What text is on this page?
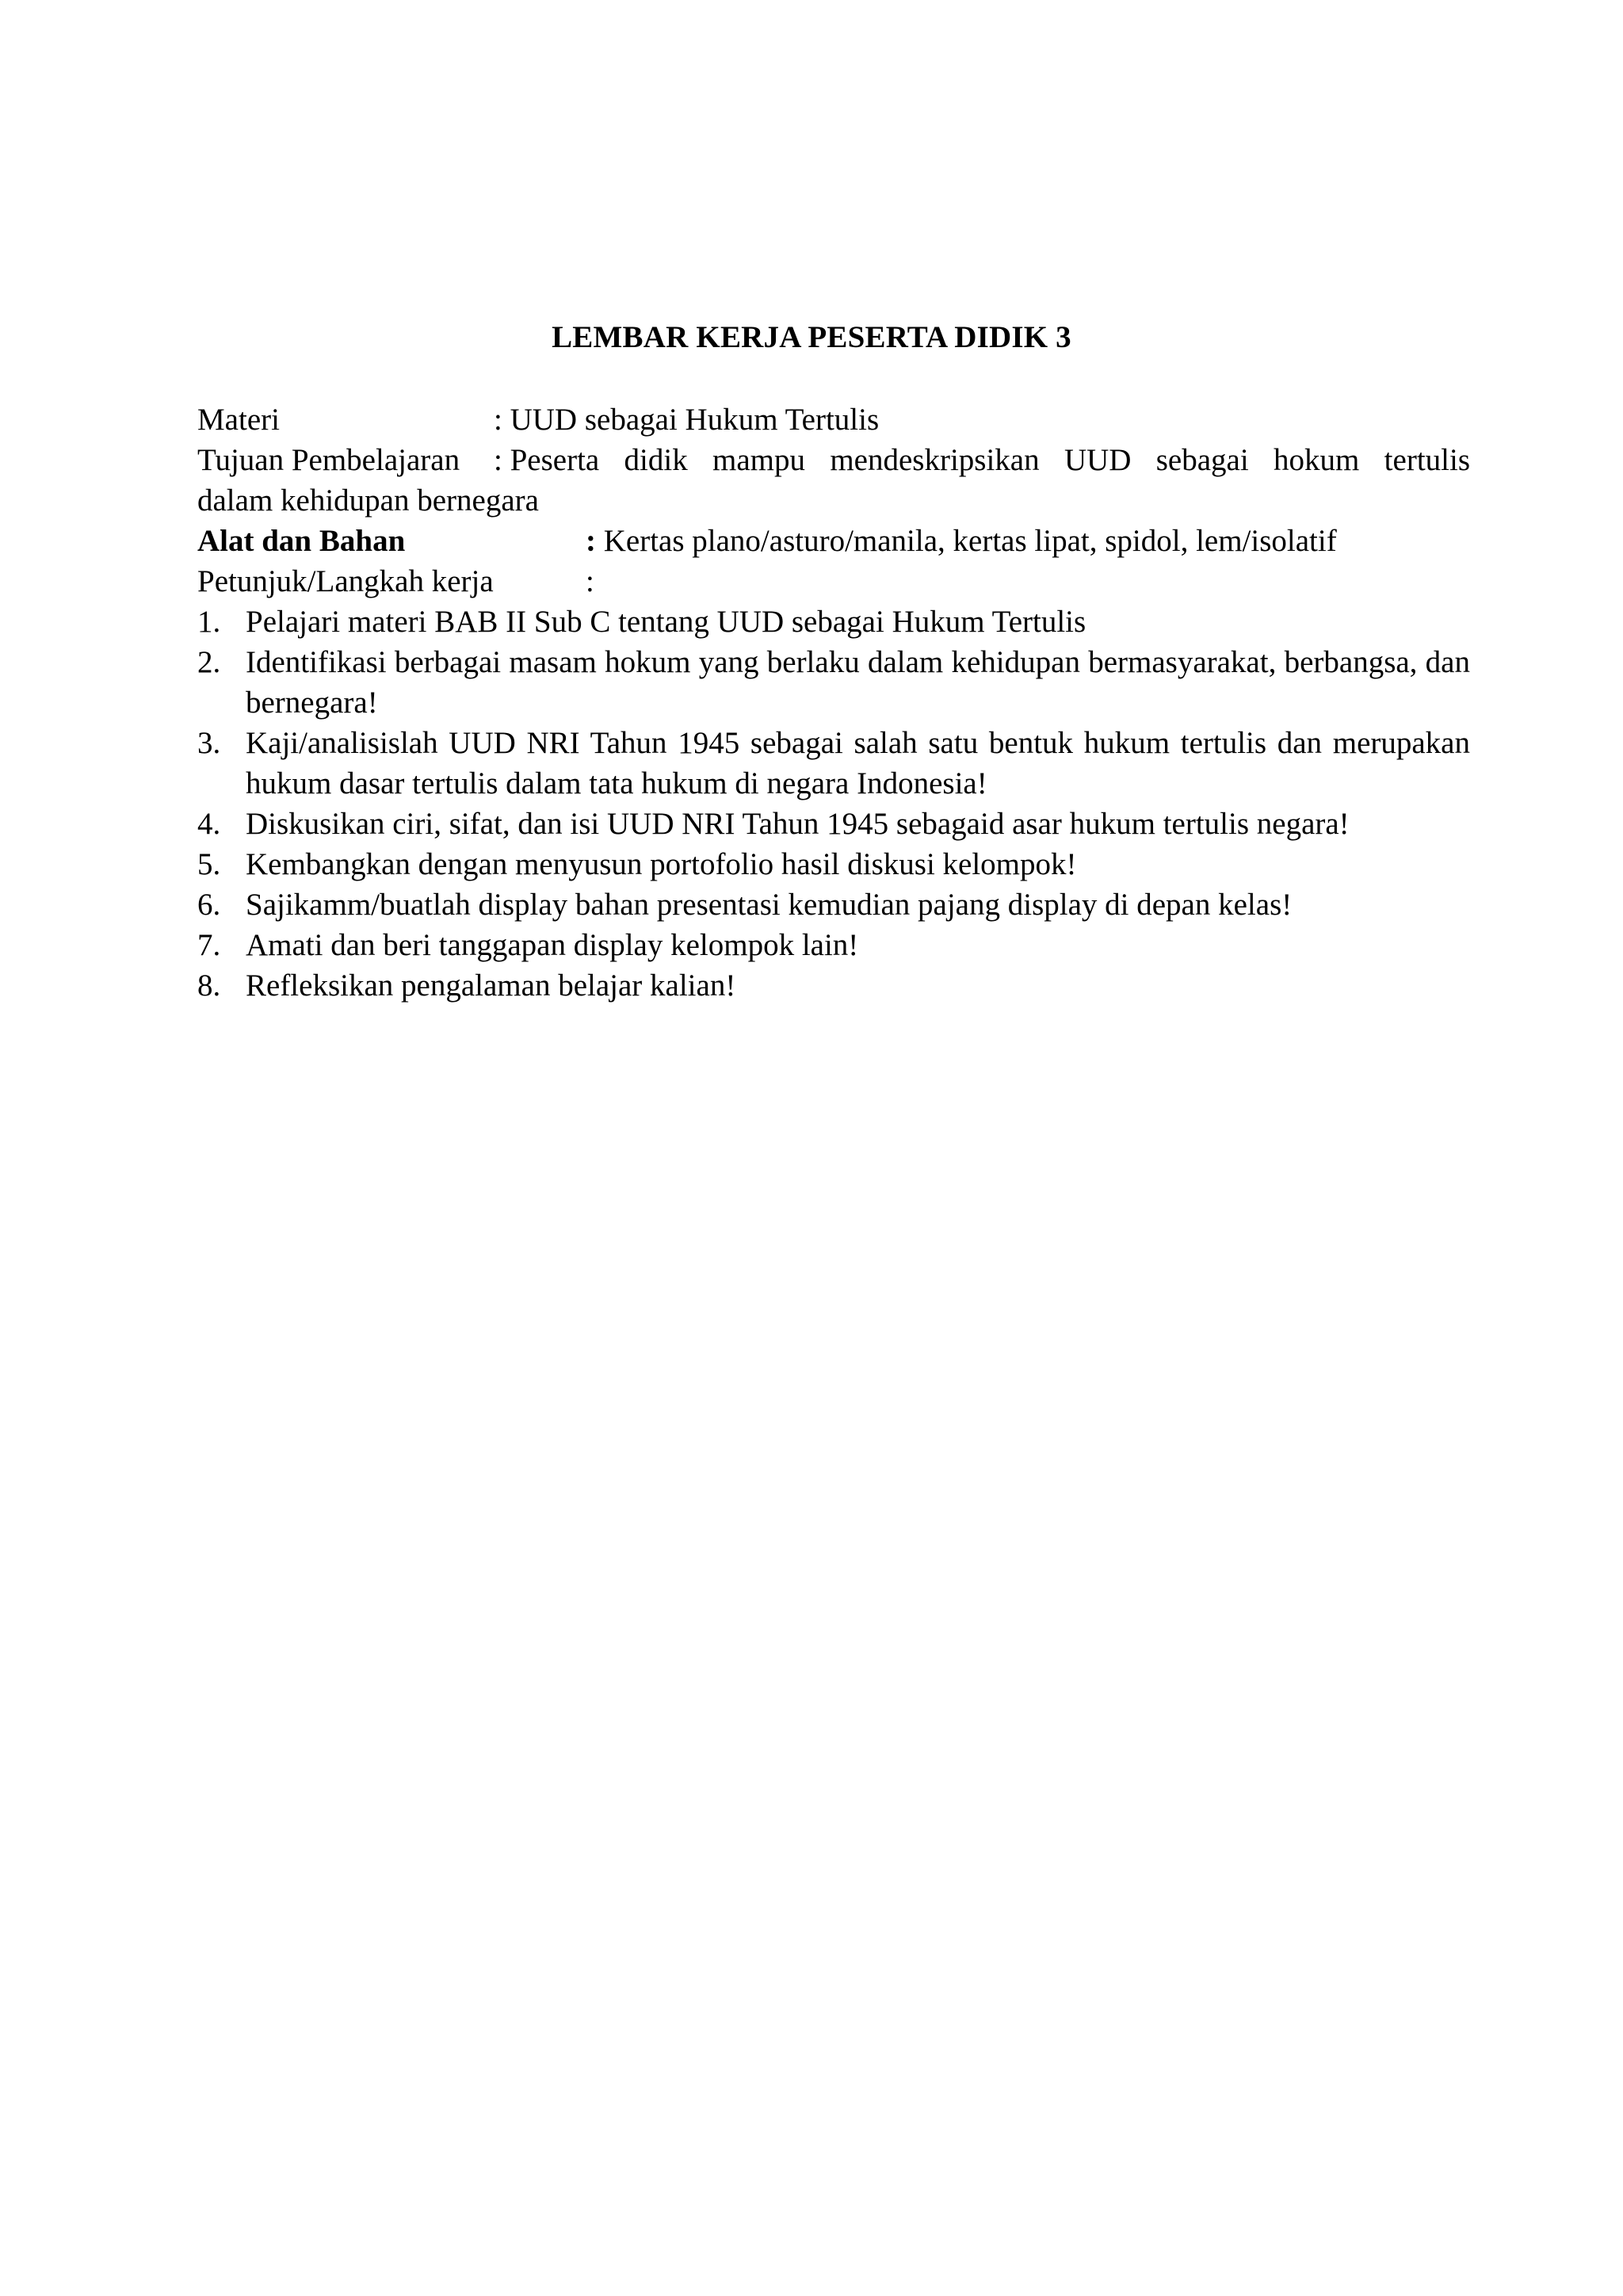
LEMBAR KERJA PESERTA DIDIK 3
Materi	:
UUD sebagai Hukum Tertulis
Tujuan Pembelajaran	:
Peserta didik mampu mendeskripsikan UUD sebagai hokum tertulis
dalam kehidupan bernegara
Alat dan Bahan	:
Kertas plano/asturo/manila, kertas lipat, spidol, lem/isolatif
Petunjuk/Langkah kerja	:
1. Pelajari materi BAB II Sub C tentang UUD sebagai Hukum Tertulis
2. Identifikasi berbagai masam hokum yang berlaku dalam kehidupan bermasyarakat, berbangsa, dan bernegara!
3. Kaji/analisislah UUD NRI Tahun 1945 sebagai salah satu bentuk hukum tertulis dan merupakan hukum dasar tertulis dalam tata hukum di negara Indonesia!
4. Diskusikan ciri, sifat, dan isi UUD NRI Tahun 1945 sebagaid asar hukum tertulis negara!
5. Kembangkan dengan menyusun portofolio hasil diskusi kelompok!
6. Sajikamm/buatlah display bahan presentasi kemudian pajang display di depan kelas!
7. Amati dan beri tanggapan display kelompok lain!
8. Refleksikan pengalaman belajar kalian!
